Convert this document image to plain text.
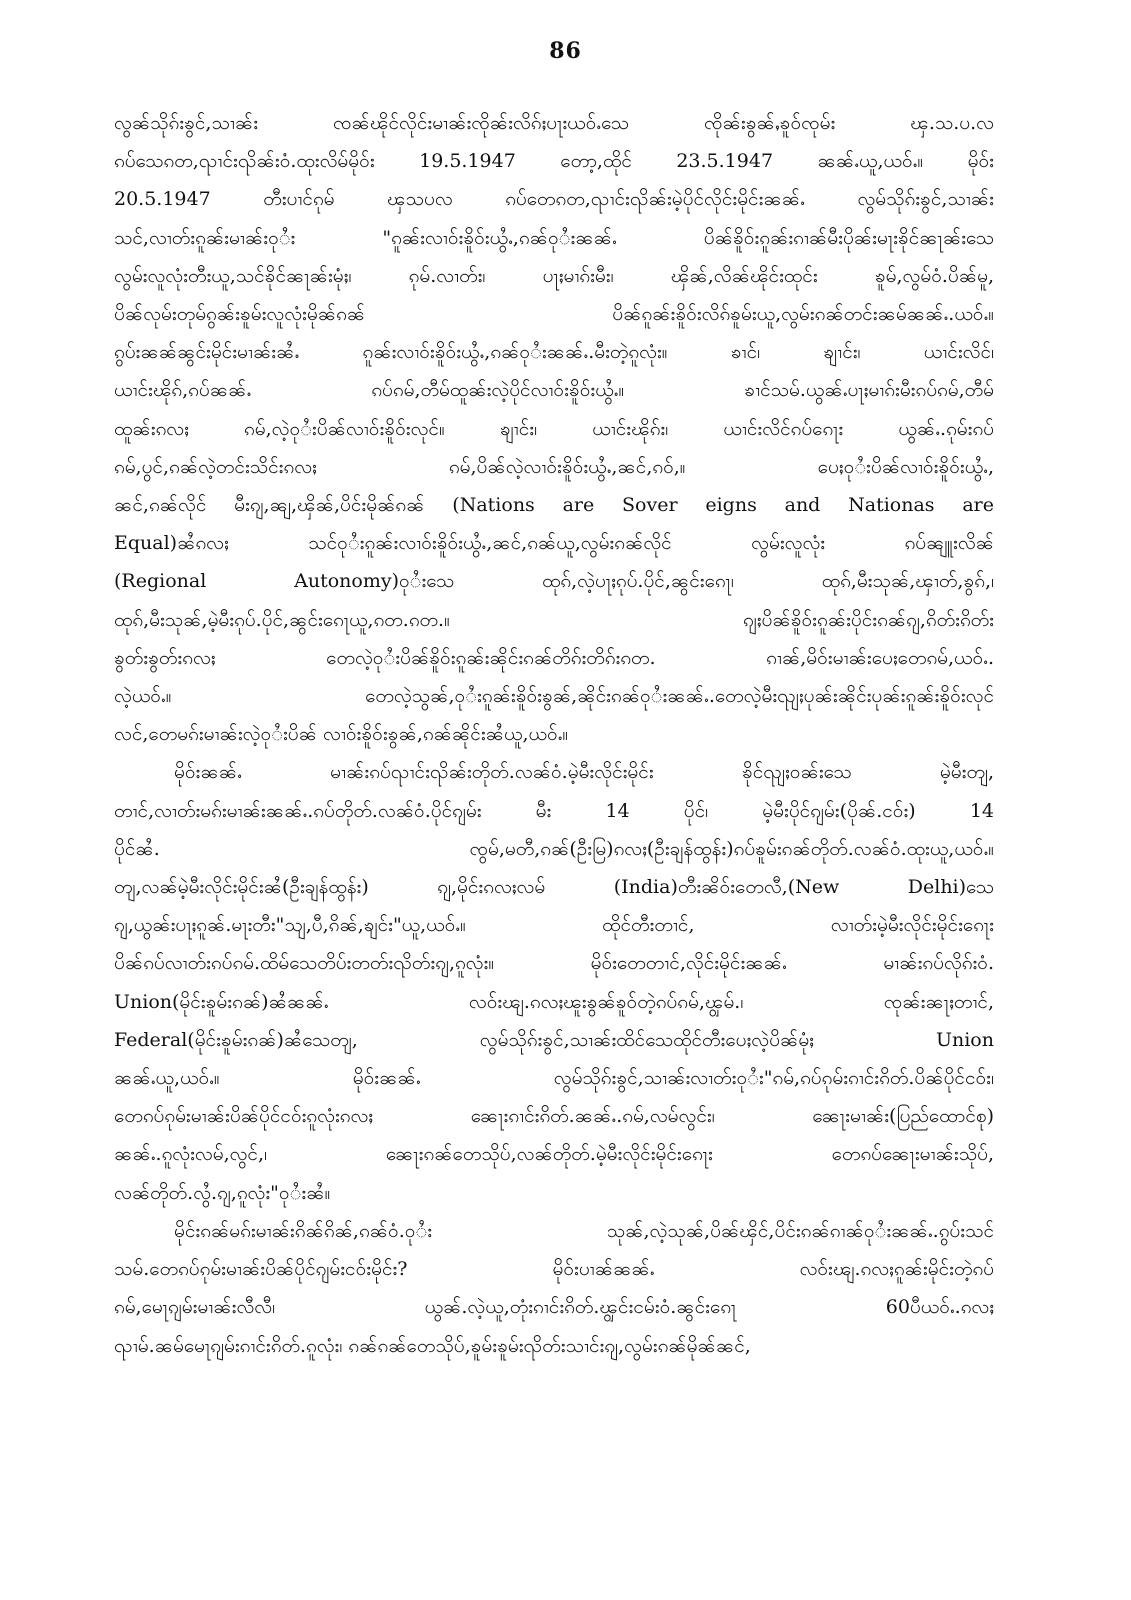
86
လွၼ်သိုၵ်းၶွင်,သၢၼ်း ၸၼ်ၽိုင်လိုင်းမၢၼ်းၸိုၼ်းလိၵ်ႈပႃးယဝ်ႉသေ ၸိုၼ်းၶွၼ်ႇၶူဝ်ၸုမ်း ၾ.သ.ပ.လ
ၵပ်သေၵတ,ၺၢင်းၺိၼ်းဝံ.ထုးလိမ်မိုဝ်း 19.5.1947 တော့,ထိုင် 23.5.1947 ၼၼ်ႉယူ,ယဝ်ႉ။ မိုဝ်း
20.5.1947 တီးပၢင်ၵုမ် ၾသပလ ၵပ်တေၵတ,ၺၢင်းၺိၼ်းမဲ့ပိုင်လိုင်းမိုင်းၼၼ်ႉ လွမ်သိုၵ်းၶွင်,သၢၼ်း
သင်,လၢတ်းၵူၼ်းမၢၼ်းဝုႆး "ၵူၼ်းလၢဝ်းၶိူဝ်းယွႆႉ,ၵၼ်ဝုႆးၼၼ်ႉ ပိၼ်ၶိူဝ်းၵူၼ်းၵၢၼ်မီးပိုၼ်းမႃးၶိုင်ၼႃၼ်းသေ
လွမ်းလူလုံးတီးယူ,သင်ၶိုင်ၼႃၼ်းမုံႈ၊ ၵုမ်.လၢတ်း၊ ပႃႈမၢၵ်းမီး၊ ၾိၼ်,လိၼ်ၽိုင်းထုင်း ၶူမ်,လွမ်ဝံ.ပိၼ်မူ,
ပိၼ်လုမ်းတုမ်ၵွၼ်းၶူမ်းလူလုံးမိုၼ်ၵၼ် ပိၼ်ၵူၼ်းၶိူဝ်းလိၵ်ၶူမ်းယူ,လွမ်းၵၼ်တင်းၼမ်ၼၼ်ႉ.ယဝ်ႉ။
ၵွပ်းၼၼ်ၼွင်းမိုင်းမၢၼ်းၼႆႉ ၵူၼ်းလၢဝ်းၶိူဝ်းယွႆႉ,ၵၼ်ဝုႆးၼၼ်ႉ.မီးတဲ့ၵူလုံး။ ၶၢင်၊ ၶျၢင်း၊ ယၢင်းလိင်၊
ယၢင်းၽိုၵ်,ၵပ်ၼၼ်ႉ ၵပ်ၵမ်,တီမ်ထူၼ်းလဲ့ပိုင်လၢဝ်းၶိူဝ်းယွႆႉ။ ၶၢင်သမ်.ယွၼ်ႉပႃႈမၢၵ်းမီးၵပ်ၵမ်,တီမ်
ထူၼ်းၵလႈ ၵမ်,လဲ့ဝုႆးပိၼ်လၢဝ်းၶိူဝ်းလုင်။ ၶျၢင်း၊ ယၢင်းၽိုၵ်း၊ ယၢင်းလိင်ၵပ်ၵေႃး ယွၼ်ႉ.ၵုမ်းၵပ်
ၵမ်,ပွင်,ၵၼ်လဲ့တင်းသိင်းၵလႈ ၵမ်,ပိၼ်လဲ့လၢဝ်းၶိူဝ်းယွႆႉ,ၼင်,ၵဝ်,။ ပေႈဝုႆးပိၼ်လၢဝ်းၶိူဝ်းယွႆႉ,
ၼင်,ၵၼ်လိုင် မီးၵျ,ၼျ,ၾိၼ်,ပိင်းမိုၼ်ၵၼ် (Nations are Sover eigns and Nationas are
Equal)ၼႆၵလႈ သင်ဝုႆးၵူၼ်းလၢဝ်းၶိူဝ်းယွႆႉ,ၼင်,ၵၼ်ယူ,လွမ်းၵၼ်လိုင် လွမ်းလူလုံး ၵပ်ၼျူးလိၼ်
(Regional Autonomy)ဝုႆးသေ ထုၵ်,လဲ့ပႃႈၵုပ်.ပိုင်,ၼွင်းၵေႃ၊ ထုၵ်,မီးသုၼ်,ၾၢတ်,ၶွၵ်,၊
ထုၵ်,မီးသုၼ်,မဲ့မီးၵုပ်.ပိုင်,ၼွင်းၵေႃယူ,ၵတ.ၵတ.။ ၵျႈပိၼ်ၶိူဝ်းၵူၼ်းပိုင်းၵၼ်ၵျ,ၵိတ်းၵိတ်း
ၶွတ်းၶွတ်းၵလႈ တေလဲ့ဝုႆးပိၼ်ၶိူဝ်းၵူၼ်းၼိုင်းၵၼ်တိၵ်းတိၵ်းၵတ. ၵၢၼ်,မိဝ်းမၢၼ်းပေႈတေၵမ်,ယဝ်ႉ.
လဲ့ယဝ်ႉ။ တေလဲ့သွၼ်,ဝုႆးၵူၼ်းၶိူဝ်းၶွၼ်,ၼိုင်းၵၼ်ဝုႆးၼၼ်ႉ.တေလဲ့မီးၺျႈပုၼ်းၼိုင်းပုၼ်းၵူၼ်းၶိူဝ်းလုင်
လင်,တေမၵ်းမၢၼ်းလဲ့ဝုႆးပိၼ် လၢဝ်းၶိူဝ်းၶွၼ်,ၵၼ်ၼိုင်းၼႆယူ,ယဝ်ႉ။
မိုဝ်းၼၼ်ႉ မၢၼ်းၵပ်ၺၢင်းၺိၼ်းတိုတ်.လၼ်ဝံ.မဲ့မီးလိုင်းမိုင်း ၶိုင်ၺျႈဝၼ်းသေ မဲ့မီးတျ,
တၢင်,လၢတ်းမၵ်းမၢၼ်းၼၼ်ႉ.ၵပ်တိုတ်.လၼ်ဝံ.ပိုင်ၵျမ်း မီး 14 ပိုင်၊ မဲ့မီးပိုင်ၵျမ်း(ပိုၼ်.ငဝ်း) 14
ပိုင်ၼႆ. ၸွမ်,မတီ,ၵၼ်(ဦးမြ)ၵလႈ(ဦးချန်ထွန်း)ၵပ်ၶူမ်းၵၼ်တိုတ်.လၼ်ဝံ.ထုးယူ,ယဝ်ႉ။
တျ,လၼ်မဲ့မီးလိုင်းမိုင်းၼႆ(ဦးချန်ထွန်း) ၵျ,မိုင်းၵလႈလမ် (India)တီးၼိဝ်းတေလီ,(New Delhi)သေ
ၵျ,ယွၼ်းပႃႈၵူၼ်.မႃးတီး"သျ,ပီ,ၵိၼ်,ၶျင်း"ယူ,ယဝ်ႉ။ ထိုင်တီးတၢင်, လၢတ်းမဲ့မီးလိုင်းမိုင်းၵေႃး
ပိၼ်ၵပ်လၢတ်းၵပ်ၵမ်.ထိမ်သေတိပ်းတတ်းၺိတ်းၵျ,ၵူလုံး။ မိုဝ်းတေတၢင်,လိုင်းမိုင်းၼၼ်ႉ မၢၼ်းၵပ်လိုၵ်းဝံ.
Union(မိုင်းၶူမ်းၵၼ်)ၼႆၼၼ်ႉ လဝ်းၽျ.ၵလႈၽူးၶွၼ်ၶူဝ်တဲ့ၵပ်ၵမ်,ၾွမ်.၊ ၸုၼ်းၼႃႈတၢင်,
Federal(မိုင်းၶူမ်းၵၼ်)ၼႆသေတျ, လွမ်သိုၵ်းၶွင်,သၢၼ်းထိင်သေထိုင်တီးပေႈလဲ့ပိၼ်မုံႈ Union
ၼၼ်ႉယူ,ယဝ်ႉ။ မိုဝ်းၼၼ်ႉ လွမ်သိုၵ်းၶွင်,သၢၼ်းလၢတ်းဝုႆး"ၵမ်,ၵပ်ၵုမ်းၵၢင်းၵိတ်.ပိၼ်ပိုင်ငဝ်း၊
တေၵပ်ၵုမ်းမၢၼ်းပိၼ်ပိုင်ငဝ်းၵူလုံးၵလႈ ၼေႃးၵၢင်းၵိတ်.ၼၼ်ႉ.ၵမ်,လမ်လွင်း၊ ၼေႃးမၢၼ်း(ပြည်ထောင်စု)
ၼၼ်ႉ.ၵူလုံးလမ်,လွင်,၊ ၼေႃးၵၼ်တေသိုပ်,လၼ်တိုတ်.မဲ့မီးလိုင်းမိုင်းၵေႃး တေၵပ်ၼေႃးမၢၼ်းသိုပ်,
လၼ်တိုတ်.လွႆ.ၵျ,ၵူလုံး"ဝုႆးၼႆ။
မိုင်းၵၼ်မၵ်းမၢၼ်းၵိၼ်ၵိၼ်,ၵၼ်ဝံ.ဝုႆး သုၼ်,လဲ့သုၼ်,ပိၼ်ၾိင်,ပိင်းၵၼ်ၵၢၼ်ဝုႆးၼၼ်ႉ.ၵွပ်းသင်
သမ်.တေၵပ်ၵုမ်းမၢၼ်းပိၼ်ပိုင်ၵျမ်းငဝ်းမိုင်း? မိုဝ်းပၢၼ်ၼၼ်ႉ လဝ်းၽျ.ၵလႈၵူၼ်းမိုင်းတဲ့ၵပ်
ၵမ်,မေႃၵျမ်းမၢၼ်းလီလီ၊ ယွၼ်.လဲ့ယူ,တုံးၵၢင်းၵိတ်.ၾွင်းငမ်းဝံ.ၼွင်းၵေႃ 60ပီယဝ်ႉ.ၵလႈ
ၺၢမ်.ၼမ်မေႃၵျမ်းၵၢင်းၵိတ်.ၵူလုံး၊ ၵၼ်ၵၼ်တေသိုပ်,ၶူမ်းၶူမ်းၺိတ်းသၢင်းၵျ,လွမ်းၵၼ်မိုၼ်ၼင်,
